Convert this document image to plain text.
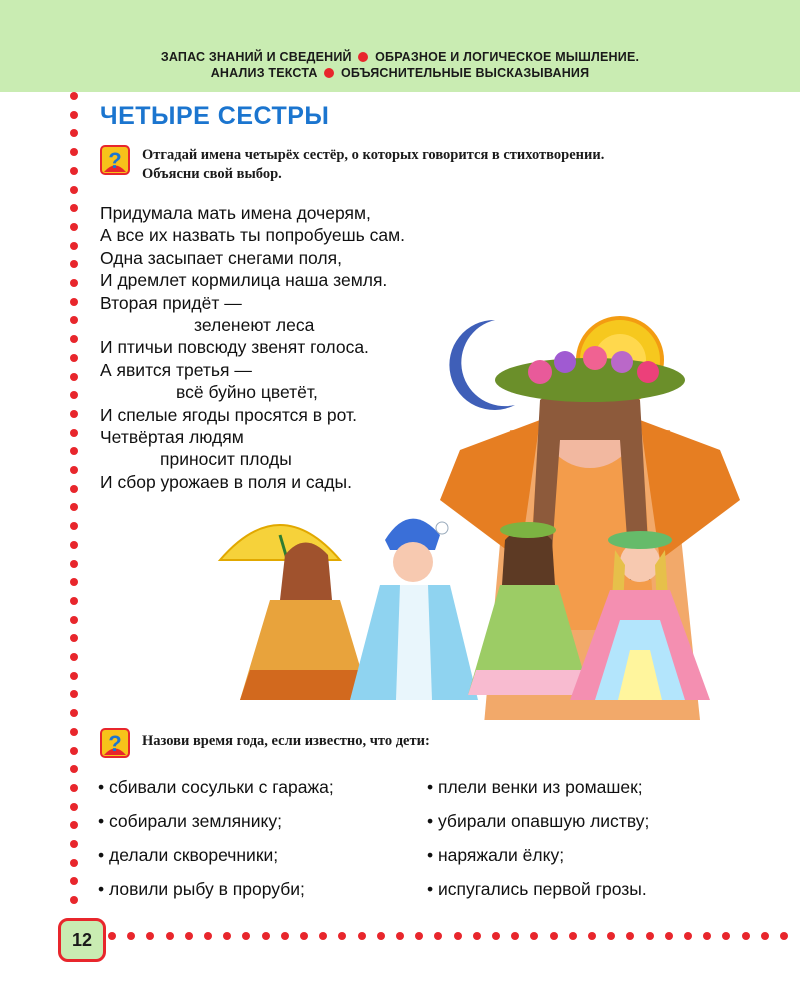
ЗАПАС ЗНАНИЙ И СВЕДЕНИЙ ОБРАЗНОЕ И ЛОГИЧЕСКОЕ МЫШЛЕНИЕ.
АНАЛИЗ ТЕКСТА ОБЪЯСНИТЕЛЬНЫЕ ВЫСКАЗЫВАНИЯ
ЧЕТЫРЕ СЕСТРЫ
? Отгадай имена четырёх сестёр, о которых говорится в стихотворении.
Объясни свой выбор.
Придумала мать имена дочерям,
А все их назвать ты попробуешь сам.
Одна засыпает снегами поля,
И дремлет кормилица наша земля.
Вторая придёт —
зеленеют леса
И птичьи повсюду звенят голоса.
А явится третья —
всё буйно цветёт,
И спелые ягоды просятся в рот.
Четвёртая людям
приносит плоды
И сбор урожаев в поля и сады.
? Назови время года, если известно, что дети:
• сбивали сосульки с гаража;
• собирали землянику;
• делали скворечники;
• ловили рыбу в проруби;
• плели венки из ромашек;
• убирали опавшую листву;
• наряжали ёлку;
• испугались первой грозы.
12
